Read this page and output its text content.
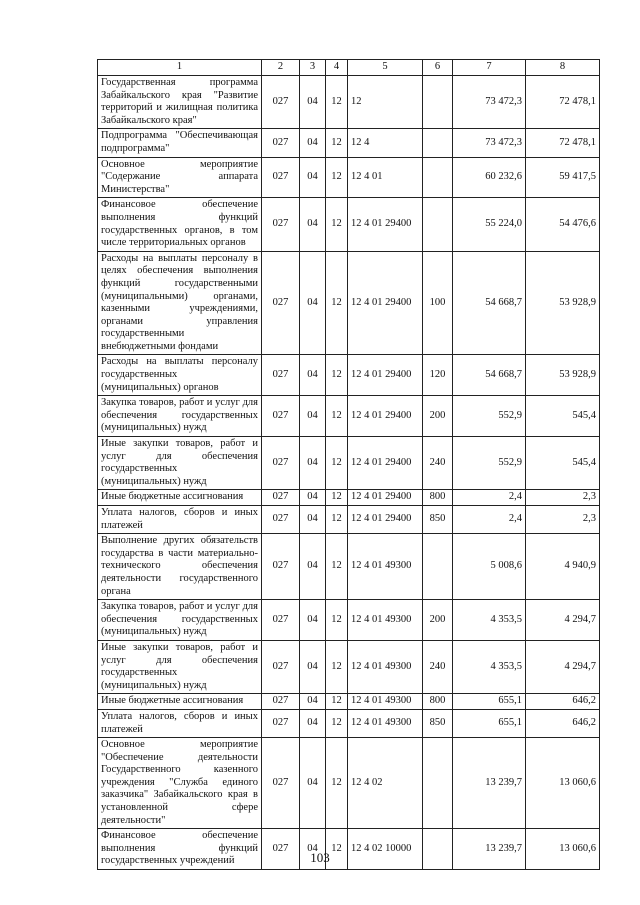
1	2	3	4	5	6	7	8
Государственная программа Забайкальского края "Развитие территорий и жилищная политика Забайкальского края"	027	04	12	12		73 472,3	72 478,1
Подпрограмма "Обеспечивающая подпрограмма"	027	04	12	12 4		73 472,3	72 478,1
Основное мероприятие "Содержание аппарата Министерства"	027	04	12	12 4 01		60 232,6	59 417,5
Финансовое обеспечение выполнения функций государственных органов, в том числе территориальных органов	027	04	12	12 4 01 29400		55 224,0	54 476,6
Расходы на выплаты персоналу в целях обеспечения выполнения функций государственными (муниципальными) органами, казенными учреждениями, органами управления государственными внебюджетными фондами	027	04	12	12 4 01 29400	100	54 668,7	53 928,9
Расходы на выплаты персоналу государственных (муниципальных) органов	027	04	12	12 4 01 29400	120	54 668,7	53 928,9
Закупка товаров, работ и услуг для обеспечения государственных (муниципальных) нужд	027	04	12	12 4 01 29400	200	552,9	545,4
Иные закупки товаров, работ и услуг для обеспечения государственных (муниципальных) нужд	027	04	12	12 4 01 29400	240	552,9	545,4
Иные бюджетные ассигнования	027	04	12	12 4 01 29400	800	2,4	2,3
Уплата налогов, сборов и иных платежей	027	04	12	12 4 01 29400	850	2,4	2,3
Выполнение других обязательств государства в части материально-технического обеспечения деятельности государственного органа	027	04	12	12 4 01 49300		5 008,6	4 940,9
Закупка товаров, работ и услуг для обеспечения государственных (муниципальных) нужд	027	04	12	12 4 01 49300	200	4 353,5	4 294,7
Иные закупки товаров, работ и услуг для обеспечения государственных (муниципальных) нужд	027	04	12	12 4 01 49300	240	4 353,5	4 294,7
Иные бюджетные ассигнования	027	04	12	12 4 01 49300	800	655,1	646,2
Уплата налогов, сборов и иных платежей	027	04	12	12 4 01 49300	850	655,1	646,2
Основное мероприятие "Обеспечение деятельности Государственного казенного учреждения "Служба единого заказчика" Забайкальского края в установленной сфере деятельности"	027	04	12	12 4 02		13 239,7	13 060,6
Финансовое обеспечение выполнения функций государственных учреждений	027	04	12	12 4 02 10000		13 239,7	13 060,6
103
